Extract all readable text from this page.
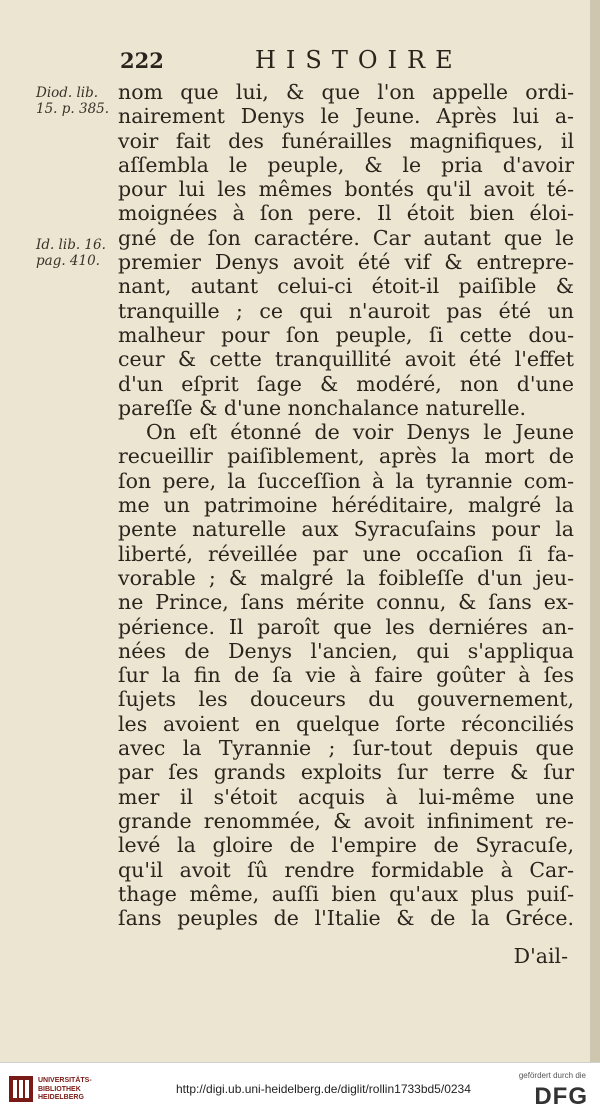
222	HISTOIRE
Diod. lib.
15. p. 385.
Id. lib. 16.
pag. 410.
nom que lui, & que l'on appelle ordi-
nairement Denys le Jeune. Après lui a-
voir fait des funérailles magnifiques, il
aſſembla le peuple, & le pria d'avoir
pour lui les mêmes bontés qu'il avoit té-
moignées à ſon pere. Il étoit bien éloi-
gné de ſon caractére. Car autant que le
premier Denys avoit été vif & entrepre-
nant, autant celui-ci étoit-il paiſible &
tranquille ; ce qui n'auroit pas été un
malheur pour ſon peuple, ſi cette dou-
ceur & cette tranquillité avoit été l'effet
d'un eſprit ſage & modéré, non d'une
pareſſe & d'une nonchalance naturelle.
On eſt étonné de voir Denys le Jeune
recueillir paiſiblement, après la mort de
ſon pere, la ſucceſſion à la tyrannie com-
me un patrimoine héréditaire, malgré la
pente naturelle aux Syracuſains pour la
liberté, réveillée par une occaſion ſi fa-
vorable ; & malgré la foibleſſe d'un jeu-
ne Prince, ſans mérite connu, & ſans ex-
périence. Il paroît que les derniéres an-
nées de Denys l'ancien, qui s'appliqua
ſur la fin de ſa vie à faire goûter à ſes
ſujets les douceurs du gouvernement,
les avoient en quelque ſorte réconciliés
avec la Tyrannie ; ſur-tout depuis que
par ſes grands exploits ſur terre & ſur
mer il s'étoit acquis à lui-même une
grande renommée, & avoit infiniment re-
levé la gloire de l'empire de Syracuſe,
qu'il avoit ſû rendre formidable à Car-
thage même, auſſi bien qu'aux plus puiſ-
ſans peuples de l'Italie & de la Gréce.
D'ail-
UNIVERSITÄTS-
BIBLIOTHEK
HEIDELBERG
http://digi.ub.uni-heidelberg.de/diglit/rollin1733bd5/0234
gefördert durch die
DFG
